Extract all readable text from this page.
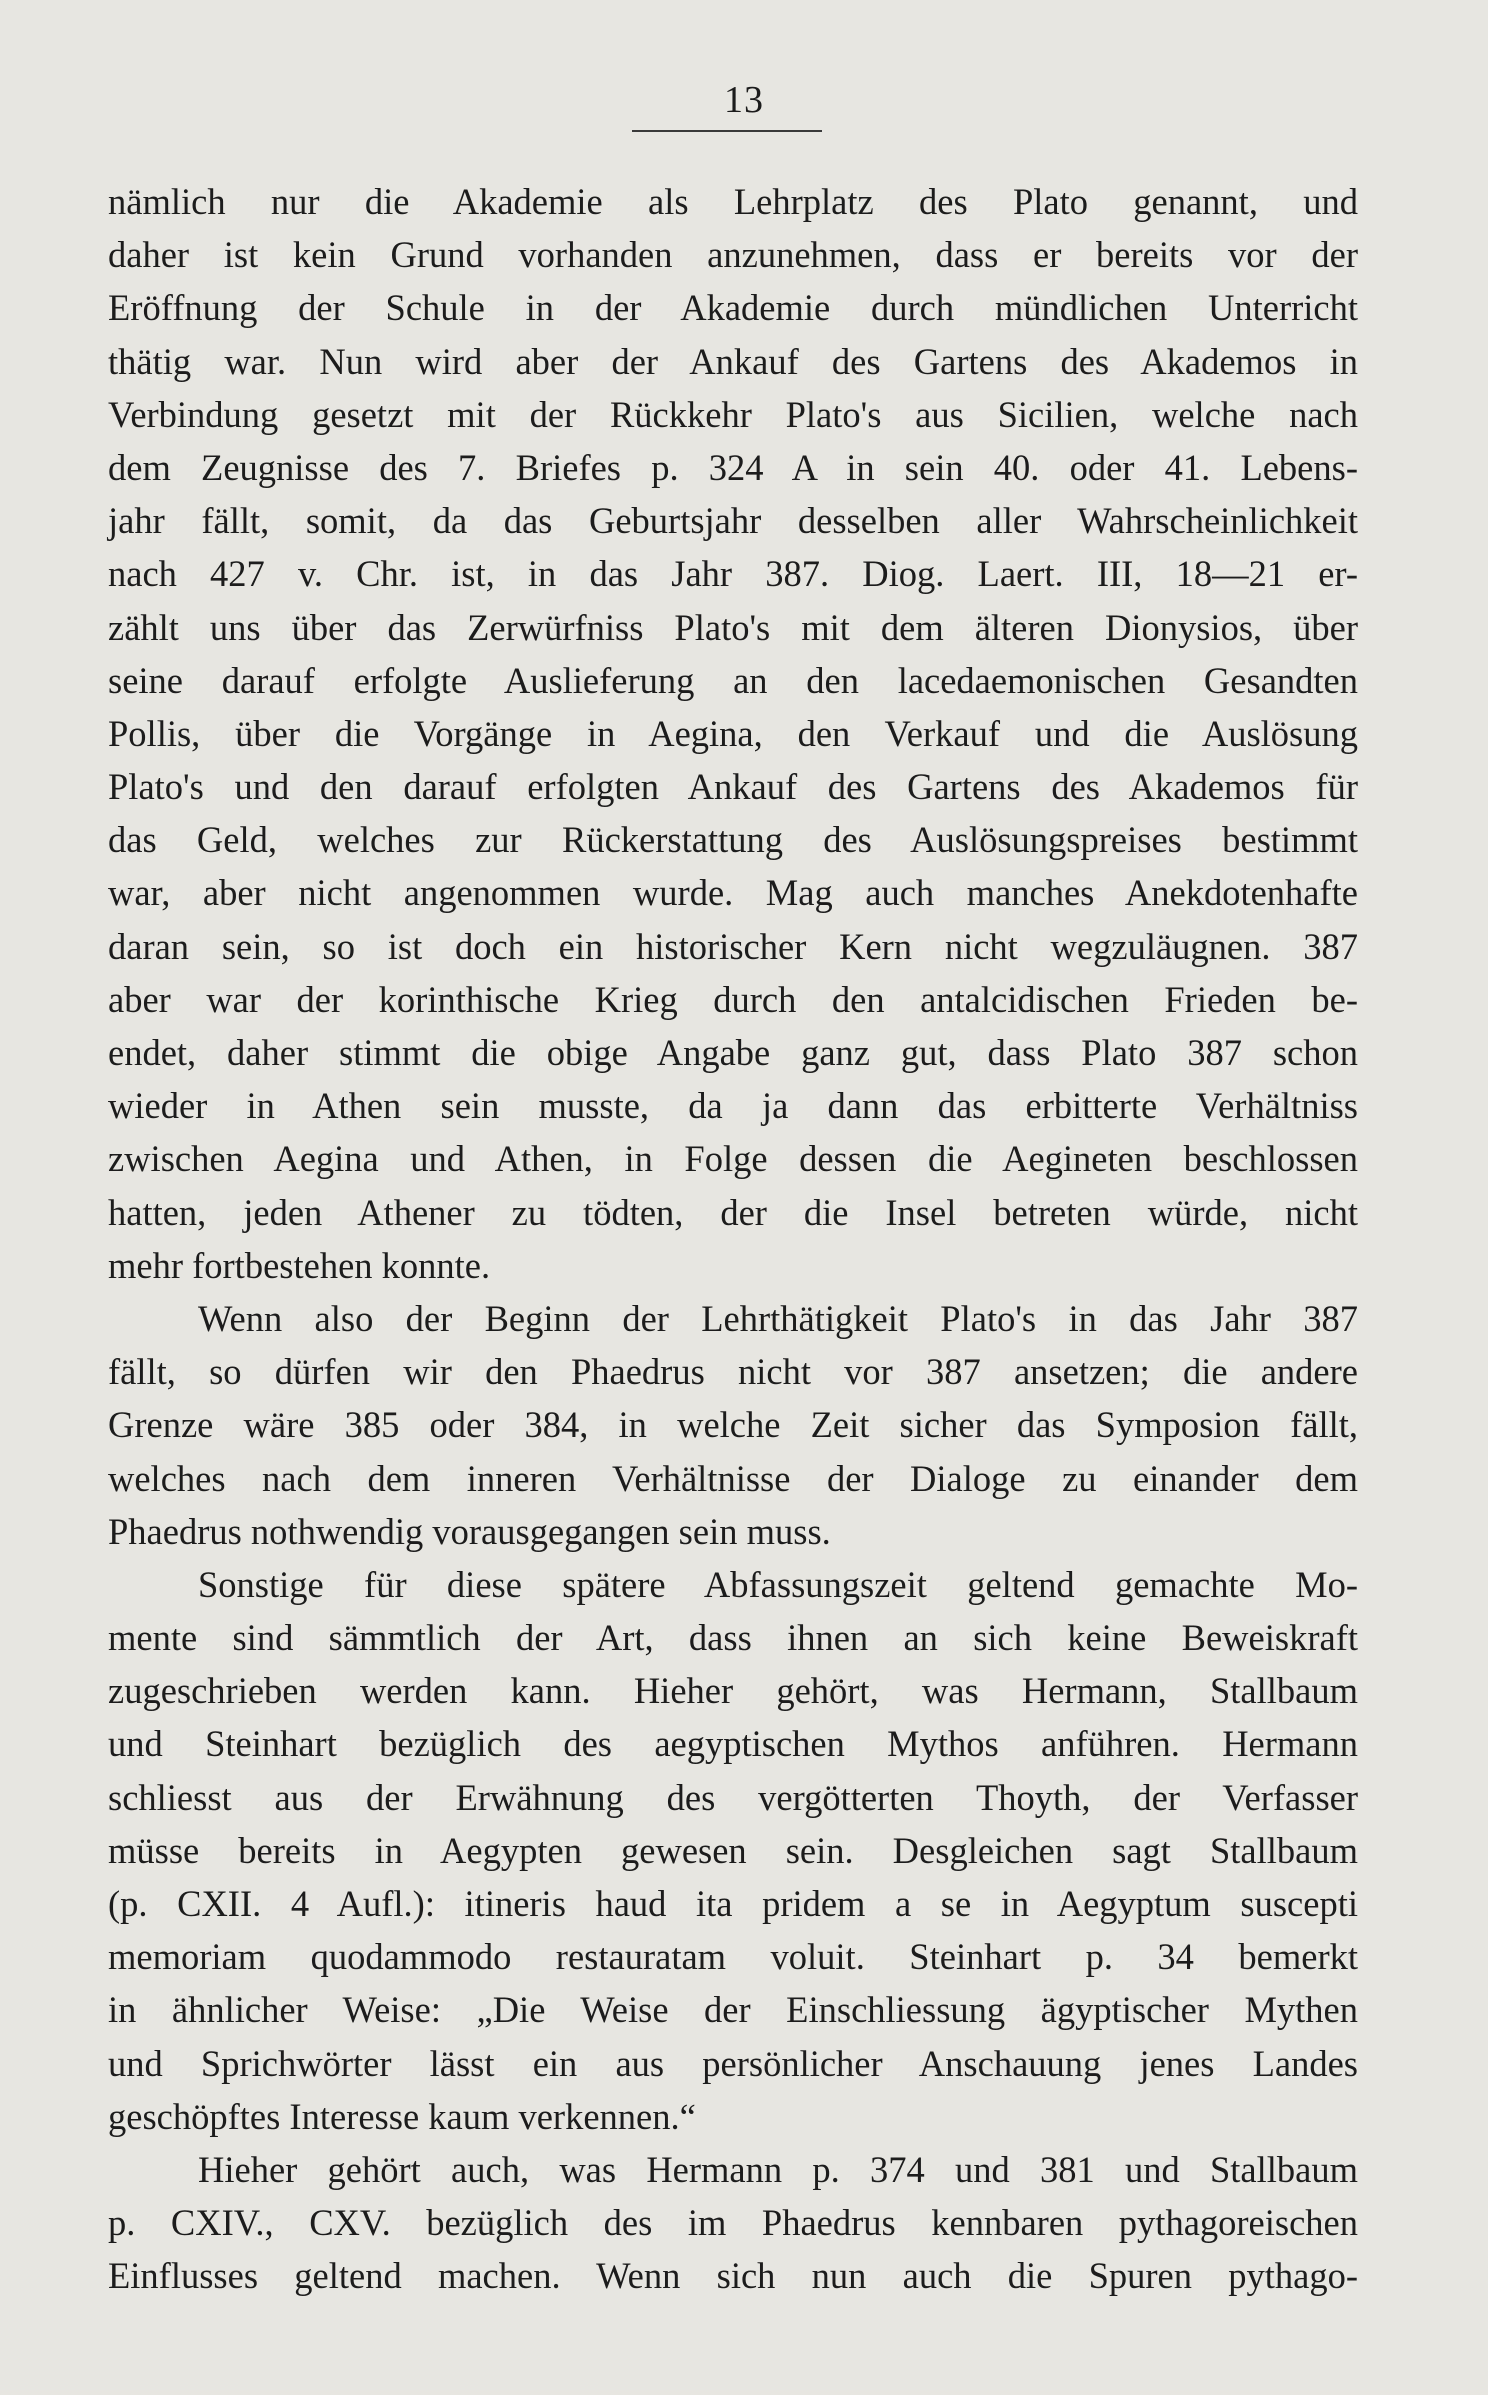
13
nämlich nur die Akademie als Lehrplatz des Plato genannt, und
daher ist kein Grund vorhanden anzunehmen, dass er bereits vor der
Eröffnung der Schule in der Akademie durch mündlichen Unterricht
thätig war. Nun wird aber der Ankauf des Gartens des Akademos in
Verbindung gesetzt mit der Rückkehr Plato's aus Sicilien, welche nach
dem Zeugnisse des 7. Briefes p. 324 A in sein 40. oder 41. Lebens-
jahr fällt, somit, da das Geburtsjahr desselben aller Wahrscheinlichkeit
nach 427 v. Chr. ist, in das Jahr 387. Diog. Laert. III, 18—21 er-
zählt uns über das Zerwürfniss Plato's mit dem älteren Dionysios, über
seine darauf erfolgte Auslieferung an den lacedaemonischen Gesandten
Pollis, über die Vorgänge in Aegina, den Verkauf und die Auslösung
Plato's und den darauf erfolgten Ankauf des Gartens des Akademos für
das Geld, welches zur Rückerstattung des Auslösungspreises bestimmt
war, aber nicht angenommen wurde. Mag auch manches Anekdotenhafte
daran sein, so ist doch ein historischer Kern nicht wegzuläugnen. 387
aber war der korinthische Krieg durch den antalcidischen Frieden be-
endet, daher stimmt die obige Angabe ganz gut, dass Plato 387 schon
wieder in Athen sein musste, da ja dann das erbitterte Verhältniss
zwischen Aegina und Athen, in Folge dessen die Aegineten beschlossen
hatten, jeden Athener zu tödten, der die Insel betreten würde, nicht
mehr fortbestehen konnte.
Wenn also der Beginn der Lehrthätigkeit Plato's in das Jahr 387
fällt, so dürfen wir den Phaedrus nicht vor 387 ansetzen; die andere
Grenze wäre 385 oder 384, in welche Zeit sicher das Symposion fällt,
welches nach dem inneren Verhältnisse der Dialoge zu einander dem
Phaedrus nothwendig vorausgegangen sein muss.
Sonstige für diese spätere Abfassungszeit geltend gemachte Mo-
mente sind sämmtlich der Art, dass ihnen an sich keine Beweiskraft
zugeschrieben werden kann. Hieher gehört, was Hermann, Stallbaum
und Steinhart bezüglich des aegyptischen Mythos anführen. Hermann
schliesst aus der Erwähnung des vergötterten Thoyth, der Verfasser
müsse bereits in Aegypten gewesen sein. Desgleichen sagt Stallbaum
(p. CXII. 4 Aufl.): itineris haud ita pridem a se in Aegyptum suscepti
memoriam quodammodo restauratam voluit. Steinhart p. 34 bemerkt
in ähnlicher Weise: „Die Weise der Einschliessung ägyptischer Mythen
und Sprichwörter lässt ein aus persönlicher Anschauung jenes Landes
geschöpftes Interesse kaum verkennen.“
Hieher gehört auch, was Hermann p. 374 und 381 und Stallbaum
p. CXIV., CXV. bezüglich des im Phaedrus kennbaren pythagoreischen
Einflusses geltend machen. Wenn sich nun auch die Spuren pythago-
